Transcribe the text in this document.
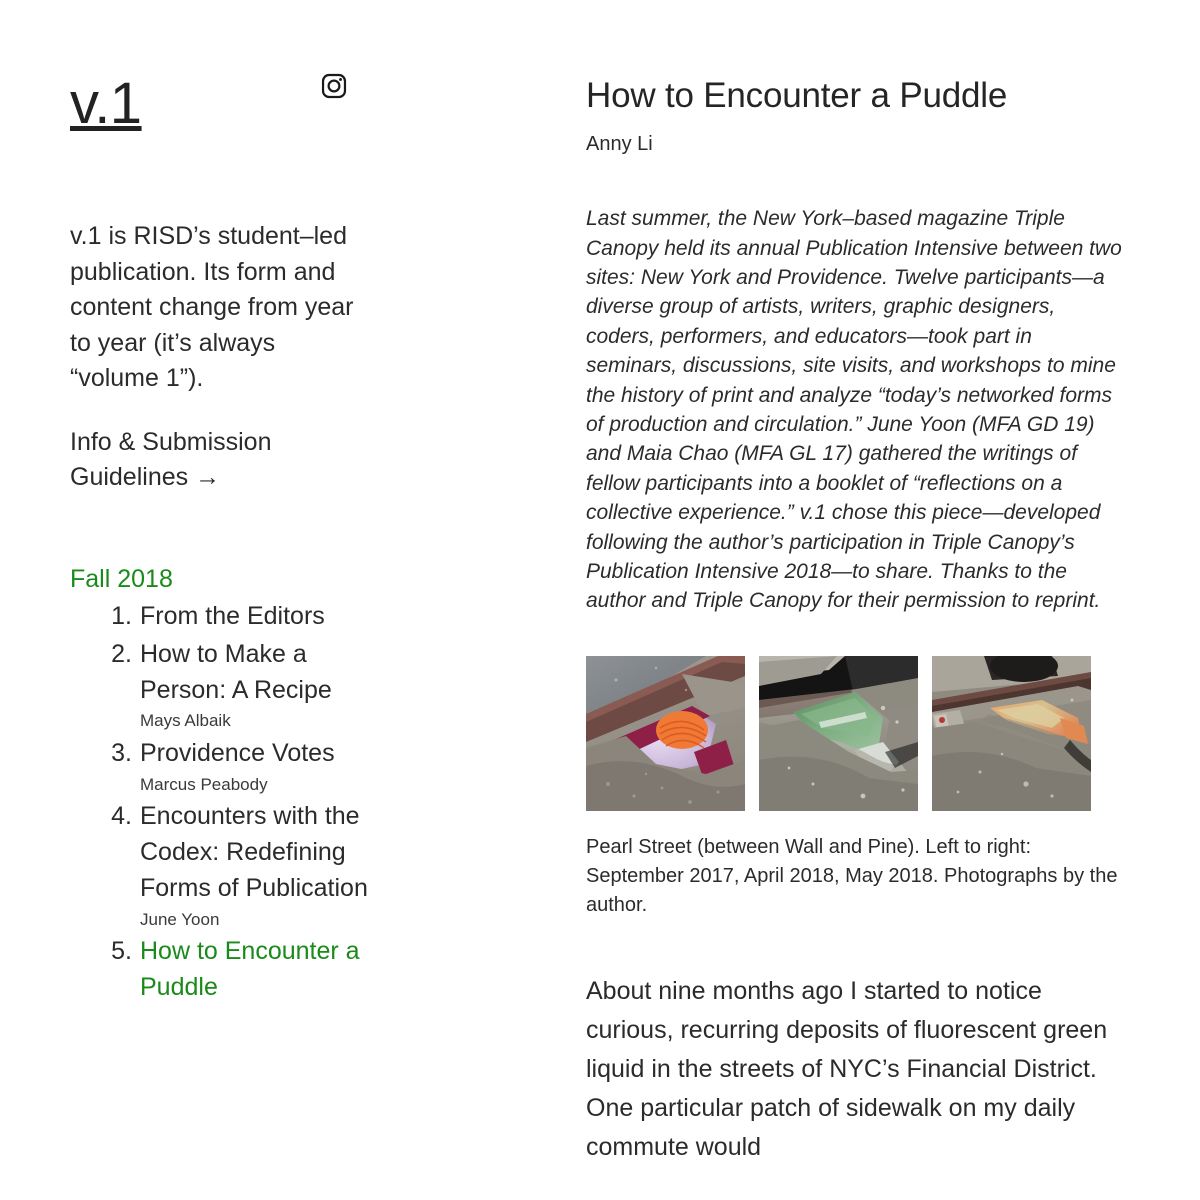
v.1

v.1 is RISD’s student–led publication. Its form and content change from year to year (it’s always “volume 1”).

Info & Submission Guidelines →
Fall 2018
From the Editors
How to Make a Person: A Recipe
Mays Albaik
Providence Votes
Marcus Peabody
Encounters with the Codex: Redefining Forms of Publication
June Yoon
How to Encounter a Puddle
How to Encounter a Puddle
Anny Li

Last summer, the New York–based magazine Triple Canopy held its annual Publication Intensive between two sites: New York and Providence. Twelve participants—a diverse group of artists, writers, graphic designers, coders, performers, and educators—took part in seminars, discussions, site visits, and workshops to mine the history of print and analyze “today’s networked forms of production and circulation.” June Yoon (MFA GD 19) and Maia Chao (MFA GL 17) gathered the writings of fellow participants into a booklet of “reflections on a collective experience.” v.1 chose this piece—developed following the author’s participation in Triple Canopy’s Publication Intensive 2018—to share. Thanks to the author and Triple Canopy for their permission to reprint.

Pearl Street (between Wall and Pine). Left to right: September 2017, April 2018, May 2018. Photographs by the author.

About nine months ago I started to notice curious, recurring deposits of fluorescent green liquid in the streets of NYC’s Financial District. One particular patch of sidewalk on my daily commute would
